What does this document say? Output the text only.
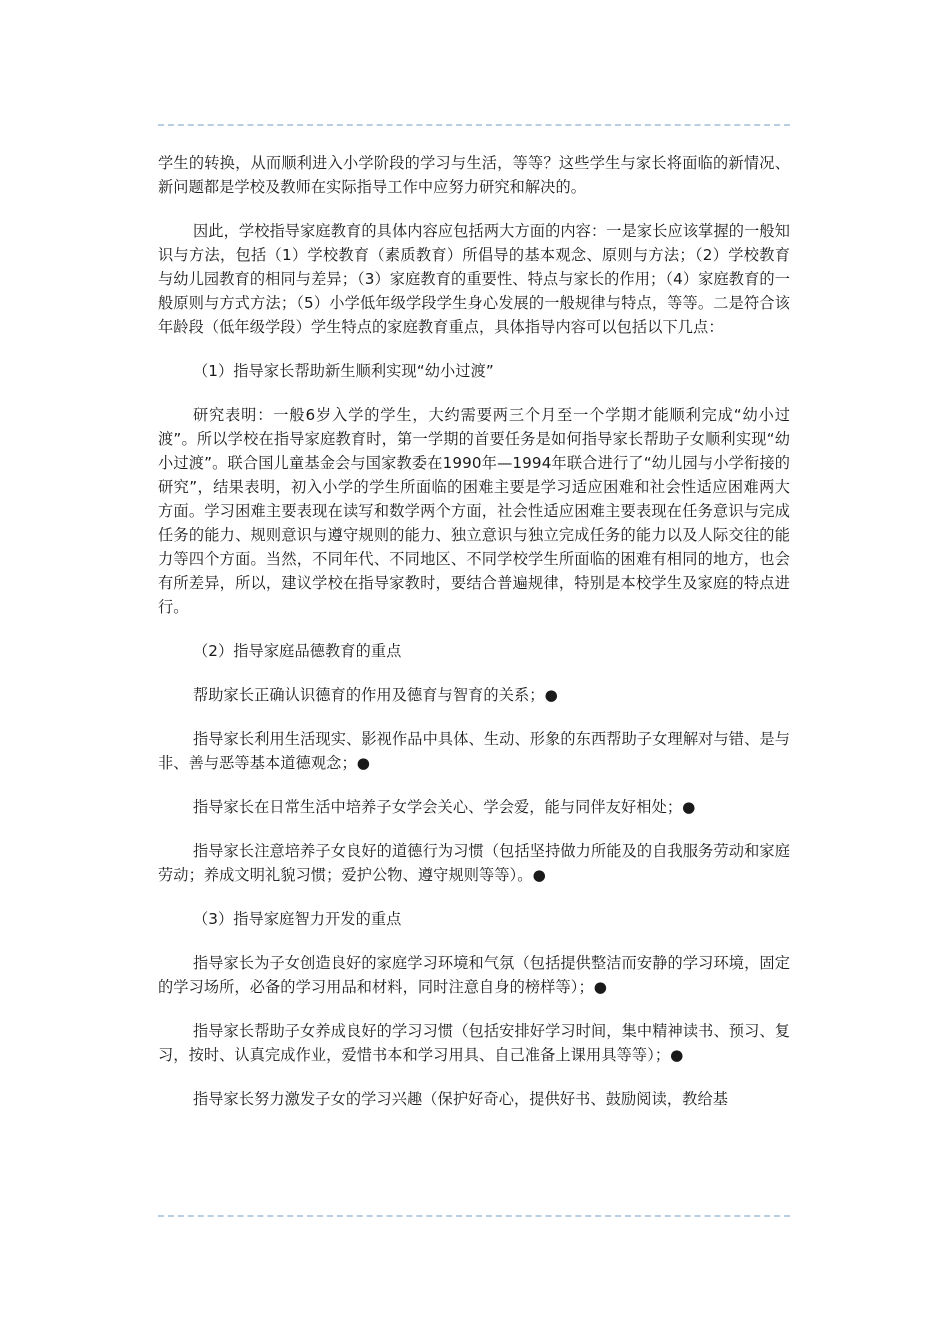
学生的转换，从而顺利进入小学阶段的学习与生活，等等？这些学生与家长将面临的新情况、新问题都是学校及教师在实际指导工作中应努力研究和解决的。

因此，学校指导家庭教育的具体内容应包括两大方面的内容：一是家长应该掌握的一般知识与方法，包括（1）学校教育（素质教育）所倡导的基本观念、原则与方法；（2）学校教育与幼儿园教育的相同与差异；（3）家庭教育的重要性、特点与家长的作用；（4）家庭教育的一般原则与方式方法；（5）小学低年级学段学生身心发展的一般规律与特点，等等。二是符合该年龄段（低年级学段）学生特点的家庭教育重点，具体指导内容可以包括以下几点：

（1）指导家长帮助新生顺利实现“幼小过渡”

研究表明：一般6岁入学的学生，大约需要两三个月至一个学期才能顺利完成“幼小过渡”。所以学校在指导家庭教育时，第一学期的首要任务是如何指导家长帮助子女顺利实现“幼小过渡”。联合国儿童基金会与国家教委在1990年—1994年联合进行了“幼儿园与小学衔接的研究”，结果表明，初入小学的学生所面临的困难主要是学习适应困难和社会性适应困难两大方面。学习困难主要表现在读写和数学两个方面，社会性适应困难主要表现在任务意识与完成任务的能力、规则意识与遵守规则的能力、独立意识与独立完成任务的能力以及人际交往的能力等四个方面。当然，不同年代、不同地区、不同学校学生所面临的困难有相同的地方，也会有所差异，所以，建议学校在指导家教时，要结合普遍规律，特别是本校学生及家庭的特点进行。

（2）指导家庭品德教育的重点

帮助家长正确认识德育的作用及德育与智育的关系；●

指导家长利用生活现实、影视作品中具体、生动、形象的东西帮助子女理解对与错、是与非、善与恶等基本道德观念；●

指导家长在日常生活中培养子女学会关心、学会爱，能与同伴友好相处；●

指导家长注意培养子女良好的道德行为习惯（包括坚持做力所能及的自我服务劳动和家庭劳动；养成文明礼貌习惯；爱护公物、遵守规则等等）。●

（3）指导家庭智力开发的重点

指导家长为子女创造良好的家庭学习环境和气氛（包括提供整洁而安静的学习环境，固定的学习场所，必备的学习用品和材料，同时注意自身的榜样等）；●

指导家长帮助子女养成良好的学习习惯（包括安排好学习时间，集中精神读书、预习、复习，按时、认真完成作业，爱惜书本和学习用具、自己准备上课用具等等）；●

指导家长努力激发子女的学习兴趣（保护好奇心，提供好书、鼓励阅读，教给基
